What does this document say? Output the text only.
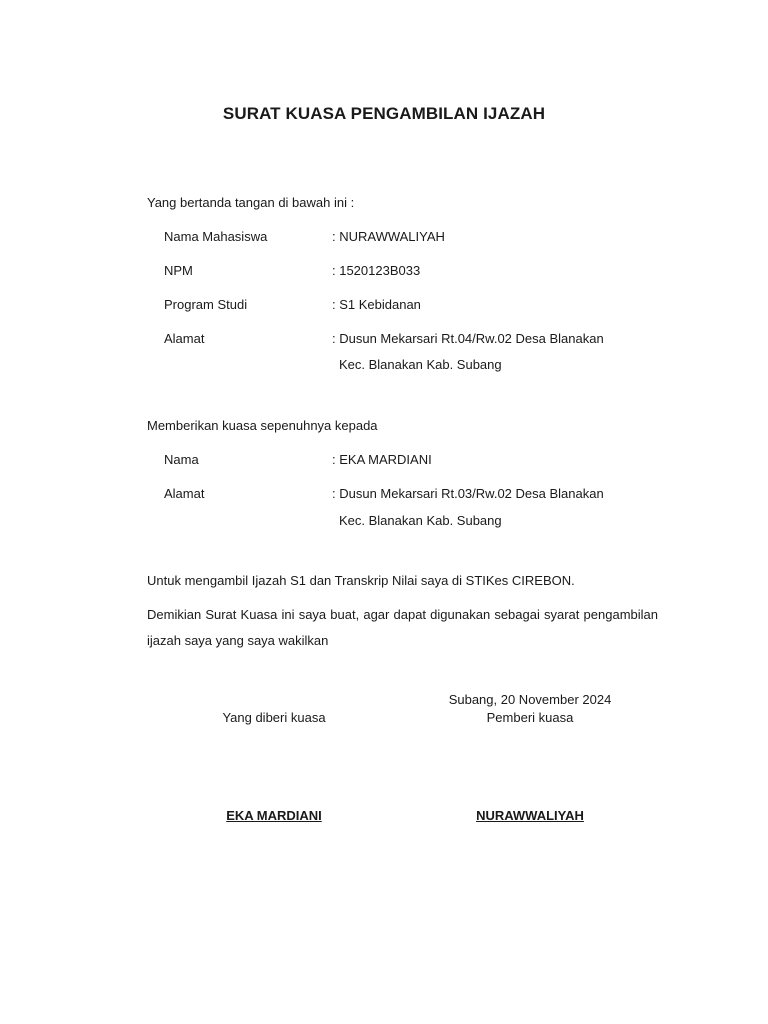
SURAT KUASA PENGAMBILAN IJAZAH
Yang bertanda tangan di bawah ini :
Nama Mahasiswa	: NURAWWALIYAH
NPM	: 1520123B033
Program Studi	: S1 Kebidanan
Alamat	: Dusun Mekarsari Rt.04/Rw.02 Desa Blanakan
Kec. Blanakan Kab. Subang
Memberikan kuasa sepenuhnya kepada
Nama	: EKA MARDIANI
Alamat	: Dusun Mekarsari Rt.03/Rw.02 Desa Blanakan
Kec. Blanakan Kab. Subang
Untuk mengambil Ijazah S1 dan Transkrip Nilai saya di STIKes CIREBON.
Demikian Surat Kuasa ini saya buat, agar dapat digunakan sebagai syarat pengambilan
ijazah saya yang saya wakilkan
Subang, 20 November 2024
Yang diberi kuasa	Pemberi kuasa
EKA MARDIANI	NURAWWALIYAH
